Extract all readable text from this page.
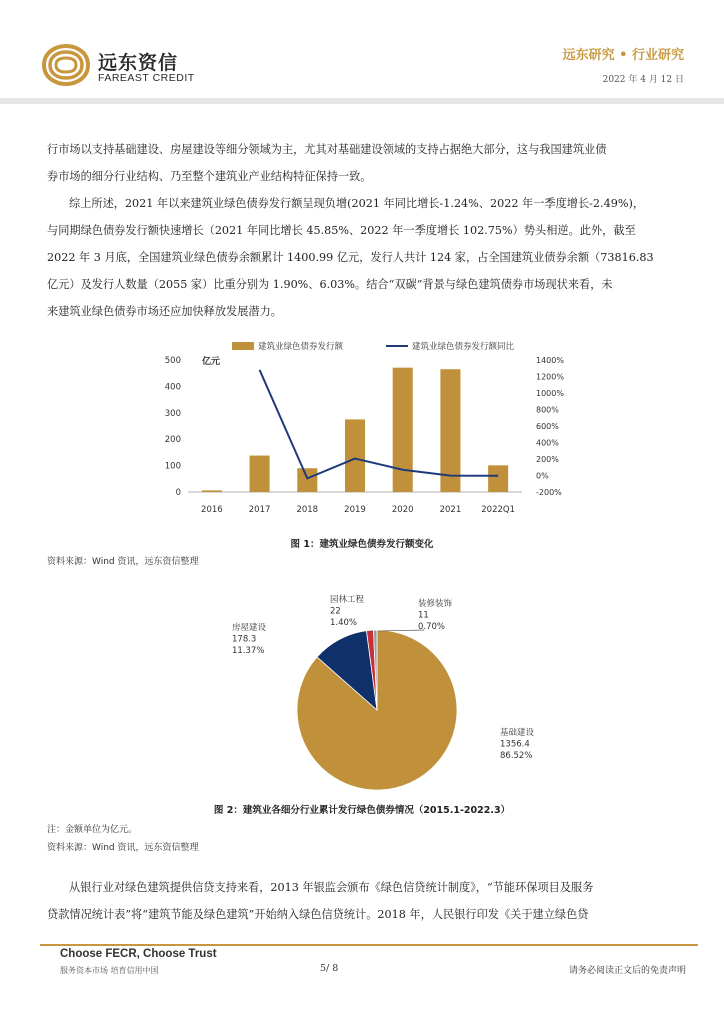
远东资信
FAREAST CREDIT
远东研究 • 行业研究
2022 年 4 月 12 日
行市场以支持基础建设、房屋建设等细分领域为主，尤其对基础建设领域的支持占据绝大部分，这与我国建筑业债
券市场的细分行业结构、乃至整个建筑业产业结构特征保持一致。
综上所述，2021 年以来建筑业绿色债券发行额呈现负增(2021 年同比增长-1.24%、2022 年一季度增长-2.49%)，
与同期绿色债券发行额快速增长（2021 年同比增长 45.85%、2022 年一季度增长 102.75%）势头相逆。此外，截至
2022 年 3 月底，全国建筑业绿色债券余额累计 1400.99 亿元，发行人共计 124 家，占全国建筑业债券余额（73816.83
亿元）及发行人数量（2055 家）比重分别为 1.90%、6.03%。结合“双碳”背景与绿色建筑债券市场现状来看，未
来建筑业绿色债券市场还应加快释放发展潜力。
0
100
200
300
400
500
-200%
0%
200%
400%
600%
800%
1000%
1200%
1400%
亿元
2016	2017	2018	2019	2020	2021 2022Q1
建筑业绿色债券发行额	建筑业绿色债券发行额同比
图 1：建筑业绿色债券发行额变化
资料来源：Wind 资讯，远东资信整理
基础建设
1356.4
86.52%
房屋建设
178.3
11.37%
园林工程
22
1.40%
装修装饰
11
0.70%
图 2：建筑业各细分行业累计发行绿色债券情况（2015.1-2022.3）
注：金额单位为亿元。
资料来源：Wind 资讯，远东资信整理
从银行业对绿色建筑提供信贷支持来看，2013 年银监会颁布《绿色信贷统计制度》，“节能环保项目及服务
贷款情况统计表”将“建筑节能及绿色建筑”开始纳入绿色信贷统计。2018 年，人民银行印发《关于建立绿色贷
Choose FECR, Choose Trust
服务资本市场 培育信用中国	5/ 8	请务必阅读正文后的免责声明
